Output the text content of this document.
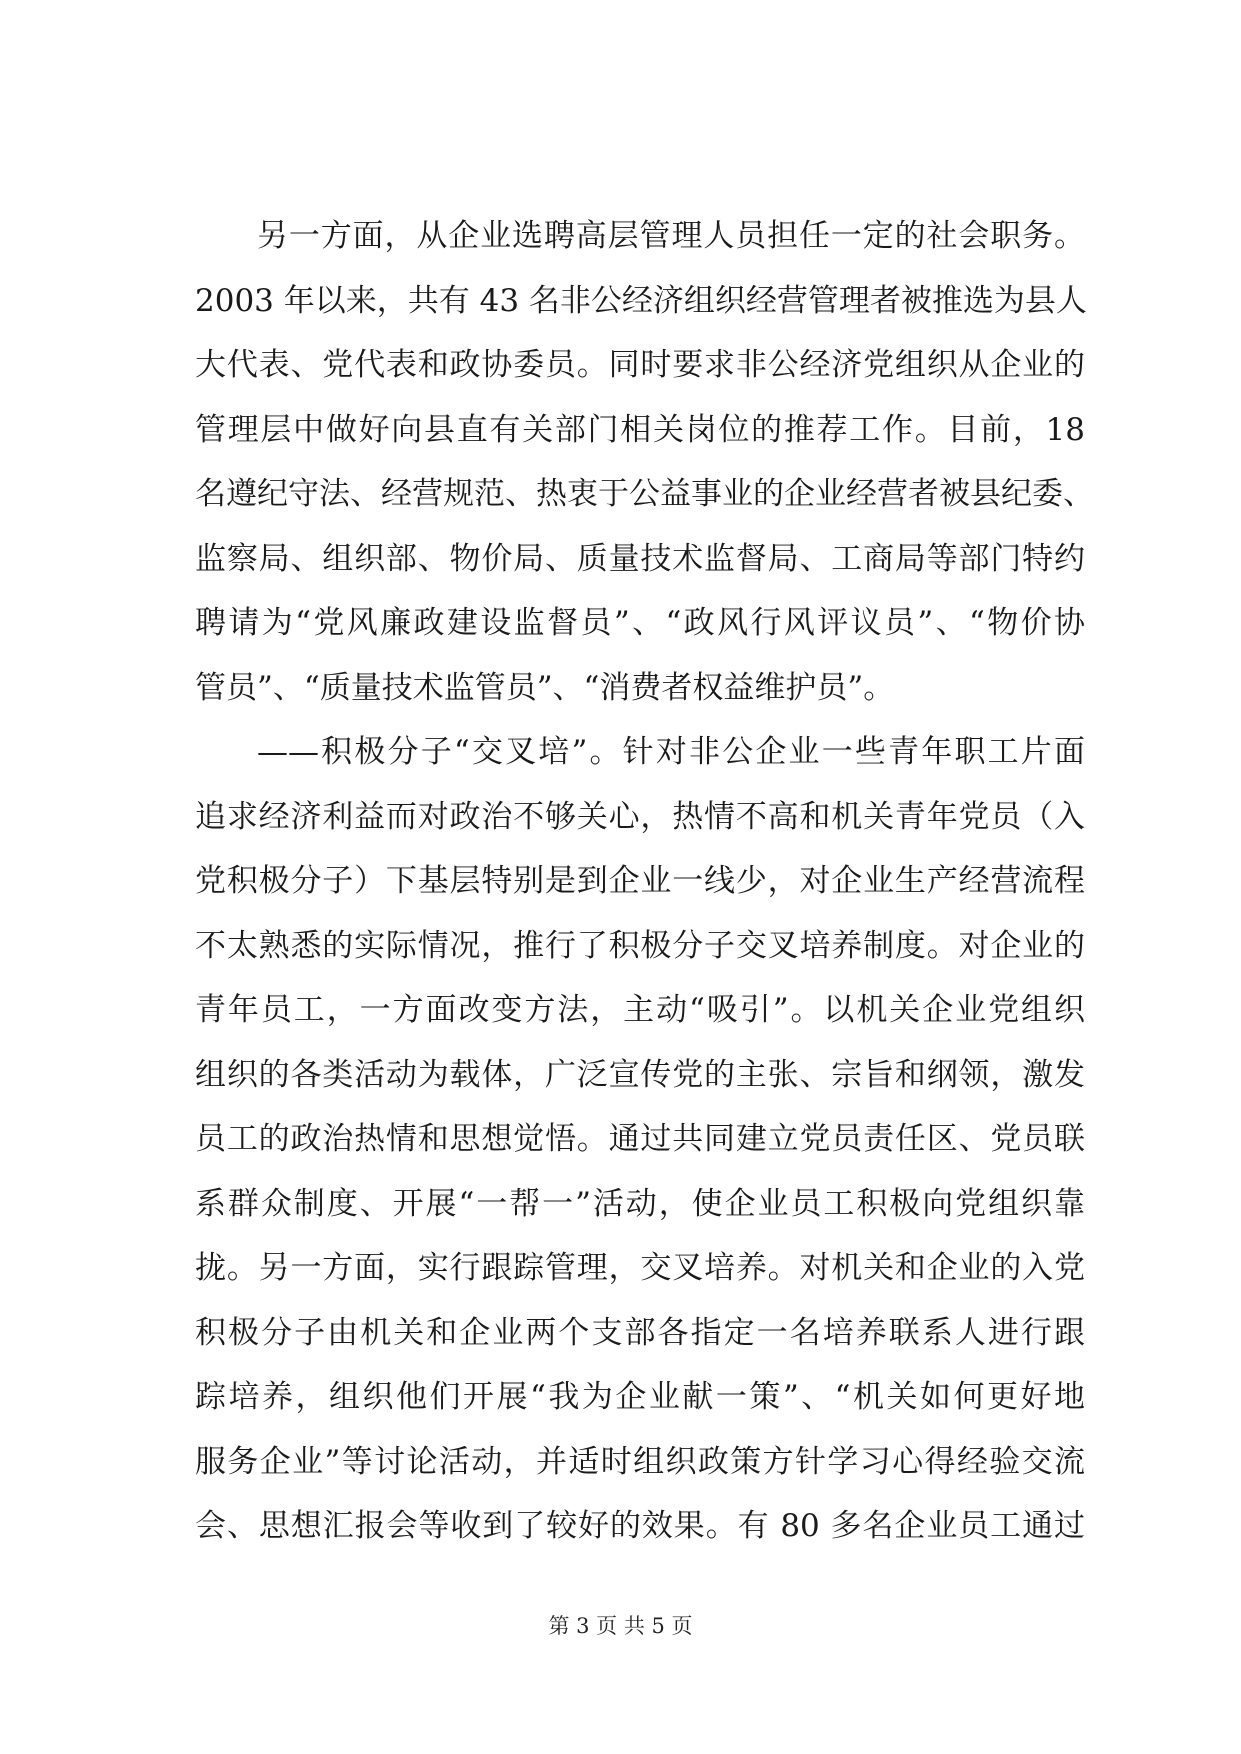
另一方面，从企业选聘高层管理人员担任一定的社会职务。
2003 年以来，共有 43 名非公经济组织经营管理者被推选为县人
大代表、党代表和政协委员。同时要求非公经济党组织从企业的
管理层中做好向县直有关部门相关岗位的推荐工作。目前，18
名遵纪守法、经营规范、热衷于公益事业的企业经营者被县纪委、
监察局、组织部、物价局、质量技术监督局、工商局等部门特约
聘请为“党风廉政建设监督员”、“政风行风评议员”、“物价协
管员”、“质量技术监管员”、“消费者权益维护员”。
——积极分子“交叉培”。针对非公企业一些青年职工片面
追求经济利益而对政治不够关心，热情不高和机关青年党员（入
党积极分子）下基层特别是到企业一线少，对企业生产经营流程
不太熟悉的实际情况，推行了积极分子交叉培养制度。对企业的
青年员工，一方面改变方法，主动“吸引”。以机关企业党组织
组织的各类活动为载体，广泛宣传党的主张、宗旨和纲领，激发
员工的政治热情和思想觉悟。通过共同建立党员责任区、党员联
系群众制度、开展“一帮一”活动，使企业员工积极向党组织靠
拢。另一方面，实行跟踪管理，交叉培养。对机关和企业的入党
积极分子由机关和企业两个支部各指定一名培养联系人进行跟
踪培养，组织他们开展“我为企业献一策”、“机关如何更好地
服务企业”等讨论活动，并适时组织政策方针学习心得经验交流
会、思想汇报会等收到了较好的效果。有 80 多名企业员工通过
第 3 页 共 5 页
